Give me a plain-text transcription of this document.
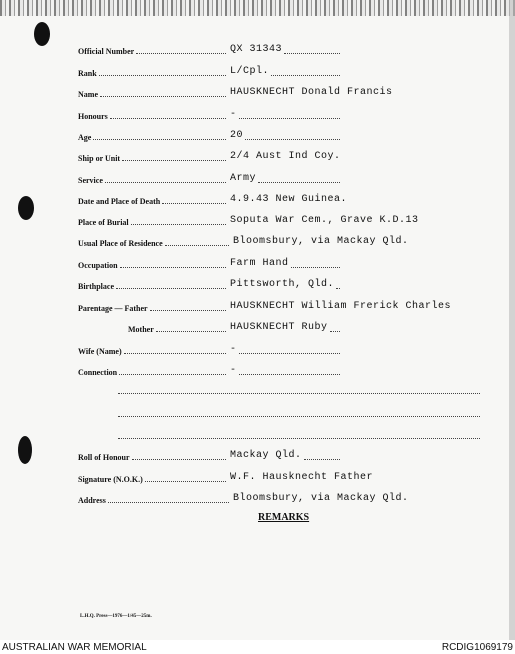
Official Number	QX 31343
Rank	L/Cpl.
Name	HAUSKNECHT Donald Francis
Honours	-
Age	20
Ship or Unit	2/4 Aust Ind Coy.
Service	Army
Date and Place of Death	4.9.43 New Guinea.
Place of Burial	Soputa War Cem., Grave K.D.13
Usual Place of Residence	Bloomsbury, via Mackay Qld.
Occupation	Farm Hand
Birthplace	Pittsworth, Qld.
Parentage — Father	HAUSKNECHT William Frerick Charles
Mother	HAUSKNECHT Ruby
Wife (Name)	-
Connection	-
Roll of Honour	Mackay Qld.
Signature (N.O.K.)	W.F. Hausknecht Father
Address	Bloomsbury, via Mackay Qld.
REMARKS
L.H.Q. Press—1976—1/45—25m.
AUSTRALIAN WAR MEMORIAL	RCDIG1069179
